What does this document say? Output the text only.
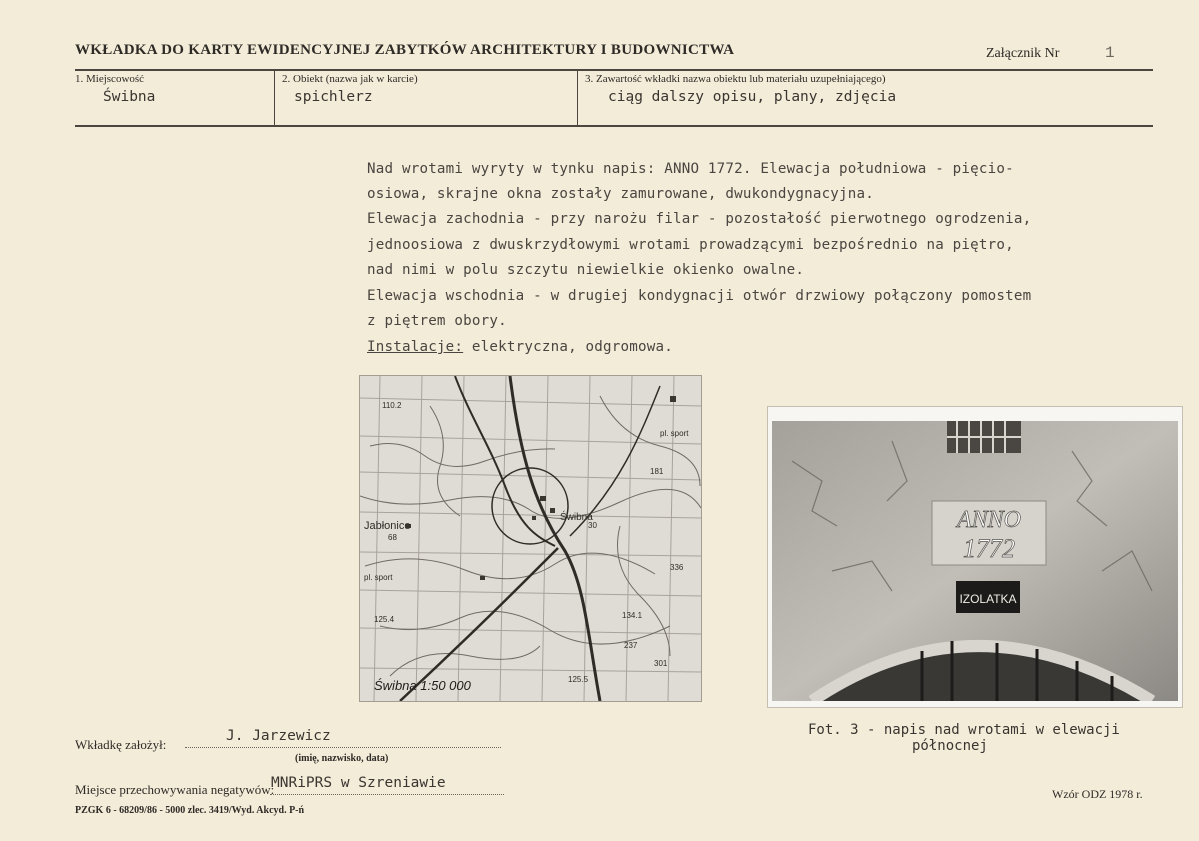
WKŁADKA DO KARTY EWIDENCYJNEJ ZABYTKÓW ARCHITEKTURY I BUDOWNICTWA	Załącznik Nr	1
1. Miejscowość
Świbna
2. Obiekt (nazwa jak w karcie)
spichlerz
3. Zawartość wkładki nazwa obiektu lub materiału uzupełniającego)
ciąg dalszy opisu, plany, zdjęcia
Nad wrotami wyryty w tynku napis: ANNO 1772. Elewacja południowa - pięcio-
osiowa, skrajne okna zostały zamurowane, dwukondygnacyjna.
Elewacja zachodnia - przy narożu filar - pozostałość pierwotnego ogrodzenia,
jednoosiowa z dwuskrzydłowymi wrotami prowadzącymi bezpośrednio na piętro,
nad nimi w polu szczytu niewielkie okienko owalne.
Elewacja wschodnia - w drugiej kondygnacji otwór drzwiowy połączony pomostem
z piętrem obory.
Instalacje: elektryczna, odgromowa.
Jabłonice
Świbna
pl. sport
pl. sport
110.2
125.4
125.5
134.1
181
30
68
237
301
336
Świbna 1:50 000
ANNO
1772
IZOLATKA
Fot. 3 - napis nad wrotami w elewacji
północnej
Wkładkę założył:
J. Jarzewicz
(imię, nazwisko, data)
Miejsce przechowywania negatywów:
MNRiPRS w Szreniawie
PZGK 6 - 68209/86 - 5000 zlec. 3419/Wyd. Akcyd. P-ń
Wzór ODZ 1978 r.
